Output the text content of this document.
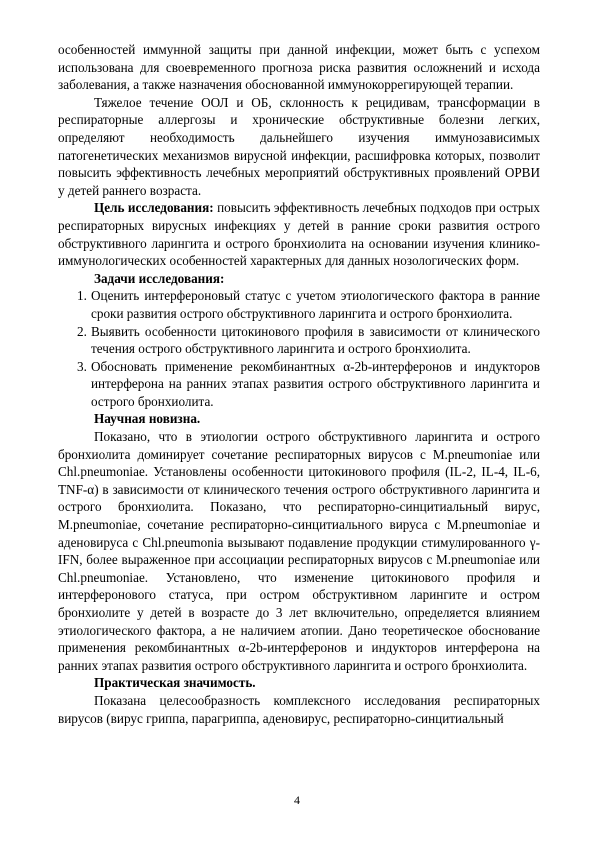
особенностей иммунной защиты при данной инфекции, может быть с успехом использована для своевременного прогноза риска развития осложнений и исхода заболевания, а также назначения обоснованной иммунокоррегирующей терапии.

Тяжелое течение ООЛ и ОБ, склонность к рецидивам, трансформации в респираторные аллергозы и хронические обструктивные болезни легких, определяют необходимость дальнейшего изучения иммунозависимых патогенетических механизмов вирусной инфекции, расшифровка которых, позволит повысить эффективность лечебных мероприятий обструктивных проявлений ОРВИ у детей раннего возраста.

Цель исследования: повысить эффективность лечебных подходов при острых респираторных вирусных инфекциях у детей в ранние сроки развития острого обструктивного ларингита и острого бронхиолита на основании изучения клинико-иммунологических особенностей характерных для данных нозологических форм.

Задачи исследования:

1. Оценить интерфероновый статус с учетом этиологического фактора в ранние сроки развития острого обструктивного ларингита и острого бронхиолита.
2. Выявить особенности цитокинового профиля в зависимости от клинического течения острого обструктивного ларингита и острого бронхиолита.
3. Обосновать применение рекомбинантных α-2b-интерферонов и индукторов интерферона на ранних этапах развития острого обструктивного ларингита и острого бронхиолита.

Научная новизна.

Показано, что в этиологии острого обструктивного ларингита и острого бронхиолита доминирует сочетание респираторных вирусов с M.pneumoniae или Chl.pneumoniae. Установлены особенности цитокинового профиля (IL-2, IL-4, IL-6, TNF-α) в зависимости от клинического течения острого обструктивного ларингита и острого бронхиолита. Показано, что респираторно-синцитиальный вирус, M.pneumoniae, сочетание респираторно-синцитиального вируса с M.pneumoniae и аденовируса с Chl.pneumonia вызывают подавление продукции стимулированного γ-IFN, более выраженное при ассоциации респираторных вирусов с M.pneumoniae или Chl.pneumoniae. Установлено, что изменение цитокинового профиля и интерферонового статуса, при остром обструктивном ларингите и остром бронхиолите у детей в возрасте до 3 лет включительно, определяется влиянием этиологического фактора, а не наличием атопии. Дано теоретическое обоснование применения рекомбинантных α-2b-интерферонов и индукторов интерферона на ранних этапах развития острого обструктивного ларингита и острого бронхиолита.

Практическая значимость.

Показана целесообразность комплексного исследования респираторных вирусов (вирус гриппа, парагриппа, аденовирус, респираторно-синцитиальный

4
